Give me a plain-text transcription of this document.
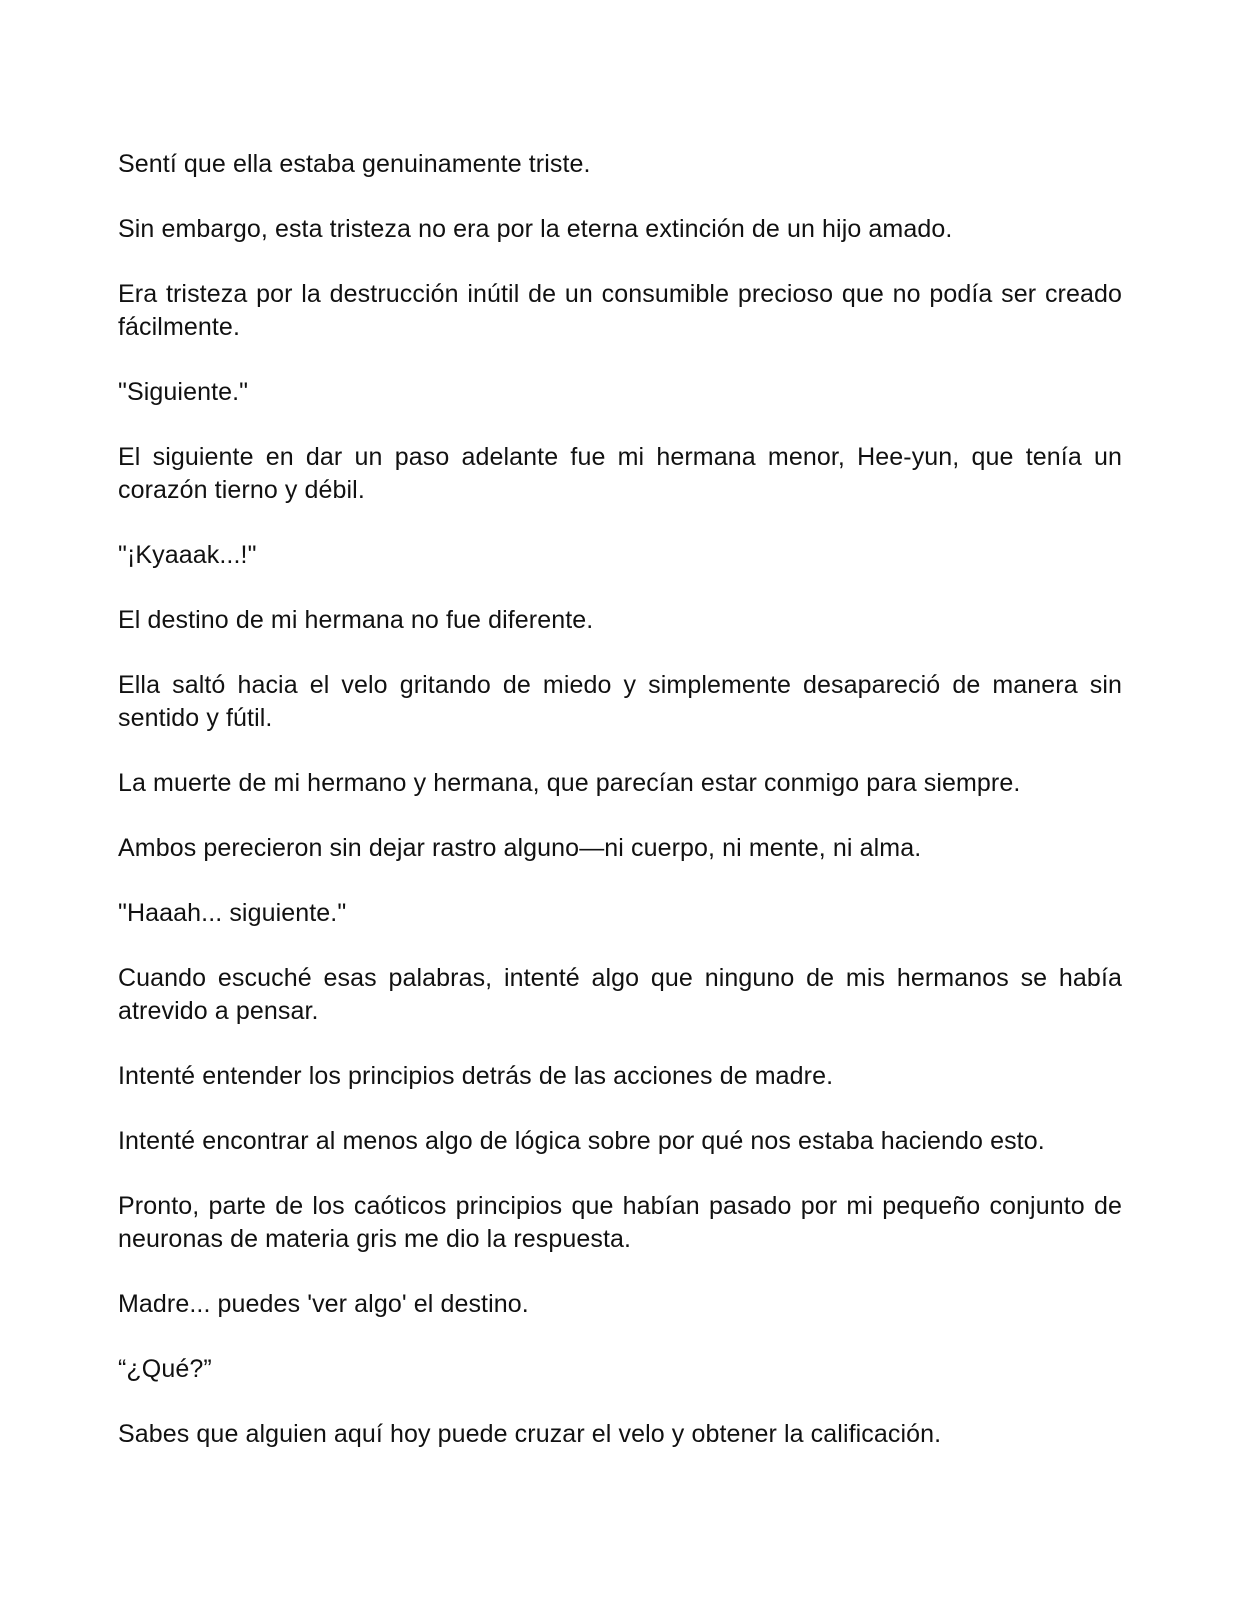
Sentí que ella estaba genuinamente triste.

Sin embargo, esta tristeza no era por la eterna extinción de un hijo amado.

Era tristeza por la destrucción inútil de un consumible precioso que no podía ser creado fácilmente.

"Siguiente."

El siguiente en dar un paso adelante fue mi hermana menor, Hee-yun, que tenía un corazón tierno y débil.

"¡Kyaaak...!"

El destino de mi hermana no fue diferente.

Ella saltó hacia el velo gritando de miedo y simplemente desapareció de manera sin sentido y fútil.

La muerte de mi hermano y hermana, que parecían estar conmigo para siempre.

Ambos perecieron sin dejar rastro alguno—ni cuerpo, ni mente, ni alma.

"Haaah... siguiente."

Cuando escuché esas palabras, intenté algo que ninguno de mis hermanos se había atrevido a pensar.

Intenté entender los principios detrás de las acciones de madre.

Intenté encontrar al menos algo de lógica sobre por qué nos estaba haciendo esto.

Pronto, parte de los caóticos principios que habían pasado por mi pequeño conjunto de neuronas de materia gris me dio la respuesta.

Madre... puedes 'ver algo' el destino.

“¿Qué?”

Sabes que alguien aquí hoy puede cruzar el velo y obtener la calificación.
